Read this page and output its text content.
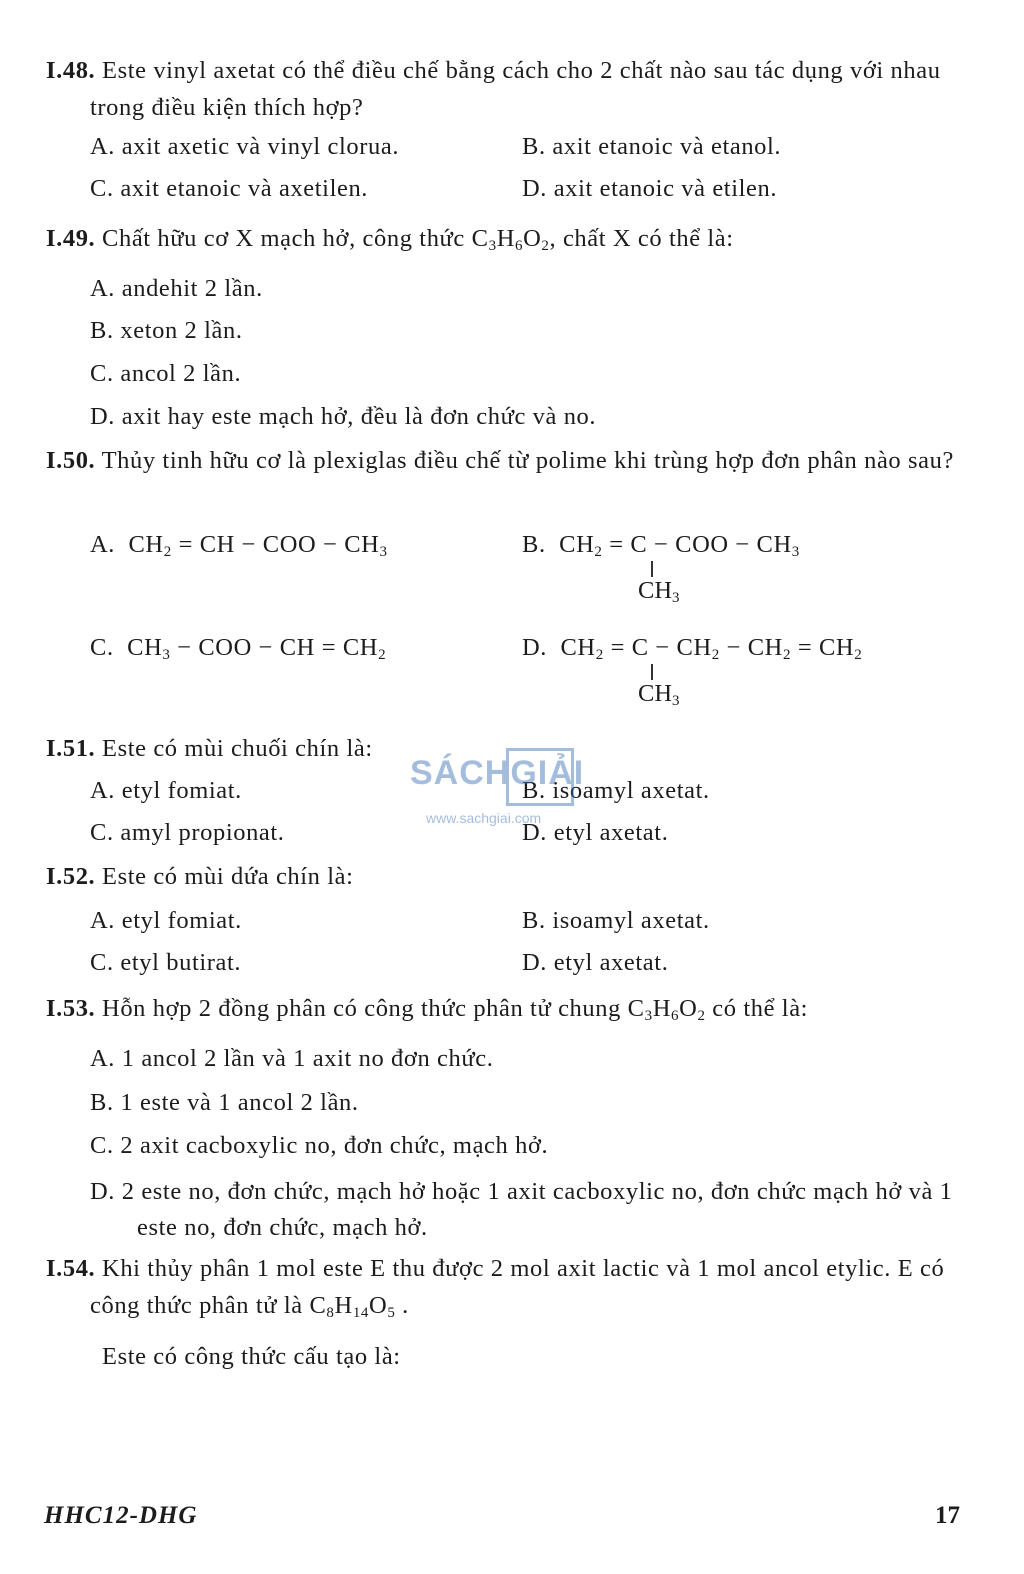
I.48. Este vinyl axetat có thể điều chế bằng cách cho 2 chất nào sau tác dụng với nhau trong điều kiện thích hợp?
A. axit axetic và vinyl clorua.	B. axit etanoic và etanol.
C. axit etanoic và axetilen.	D. axit etanoic và etilen.
I.49. Chất hữu cơ X mạch hở, công thức $C_3H_6O_2$, chất X có thể là:
A. andehit 2 lần.
B. xeton 2 lần.
C. ancol 2 lần.
D. axit hay este mạch hở, đều là đơn chức và no.
I.50. Thủy tinh hữu cơ là plexiglas điều chế từ polime khi trùng hợp đơn phân nào sau?
A.  $CH_2$ = CH − COO − $CH_3$	B.  $CH_2 = C$ − COO − $CH_3$
$CH_3$
C.  $CH_3$ − COO − CH = $CH_2$	D.  $CH_2 = C - CH_2 - CH_2 = CH_2$
$CH_3$
I.51. Este có mùi chuối chín là:
A. etyl fomiat.	B. isoamyl axetat.
C. amyl propionat.	D. etyl axetat.
I.52. Este có mùi dứa chín là:
A. etyl fomiat.	B. isoamyl axetat.
C. etyl butirat.	D. etyl axetat.
I.53. Hỗn hợp 2 đồng phân có công thức phân tử chung $C_3H_6O_2$ có thể là:
A. 1 ancol 2 lần và 1 axit no đơn chức.
B. 1 este và 1 ancol 2 lần.
C. 2 axit cacboxylic no, đơn chức, mạch hở.
D. 2 este no, đơn chức, mạch hở hoặc 1 axit cacboxylic no, đơn chức mạch hở và 1 este no, đơn chức, mạch hở.
I.54. Khi thủy phân 1 mol este E thu được 2 mol axit lactic và 1 mol ancol etylic. E có công thức phân tử là $C_8H_{14}O_5$ .
Este có công thức cấu tạo là:
SÁCHGIẢI
www.sachgiai.com
HHC12-DHG	17
